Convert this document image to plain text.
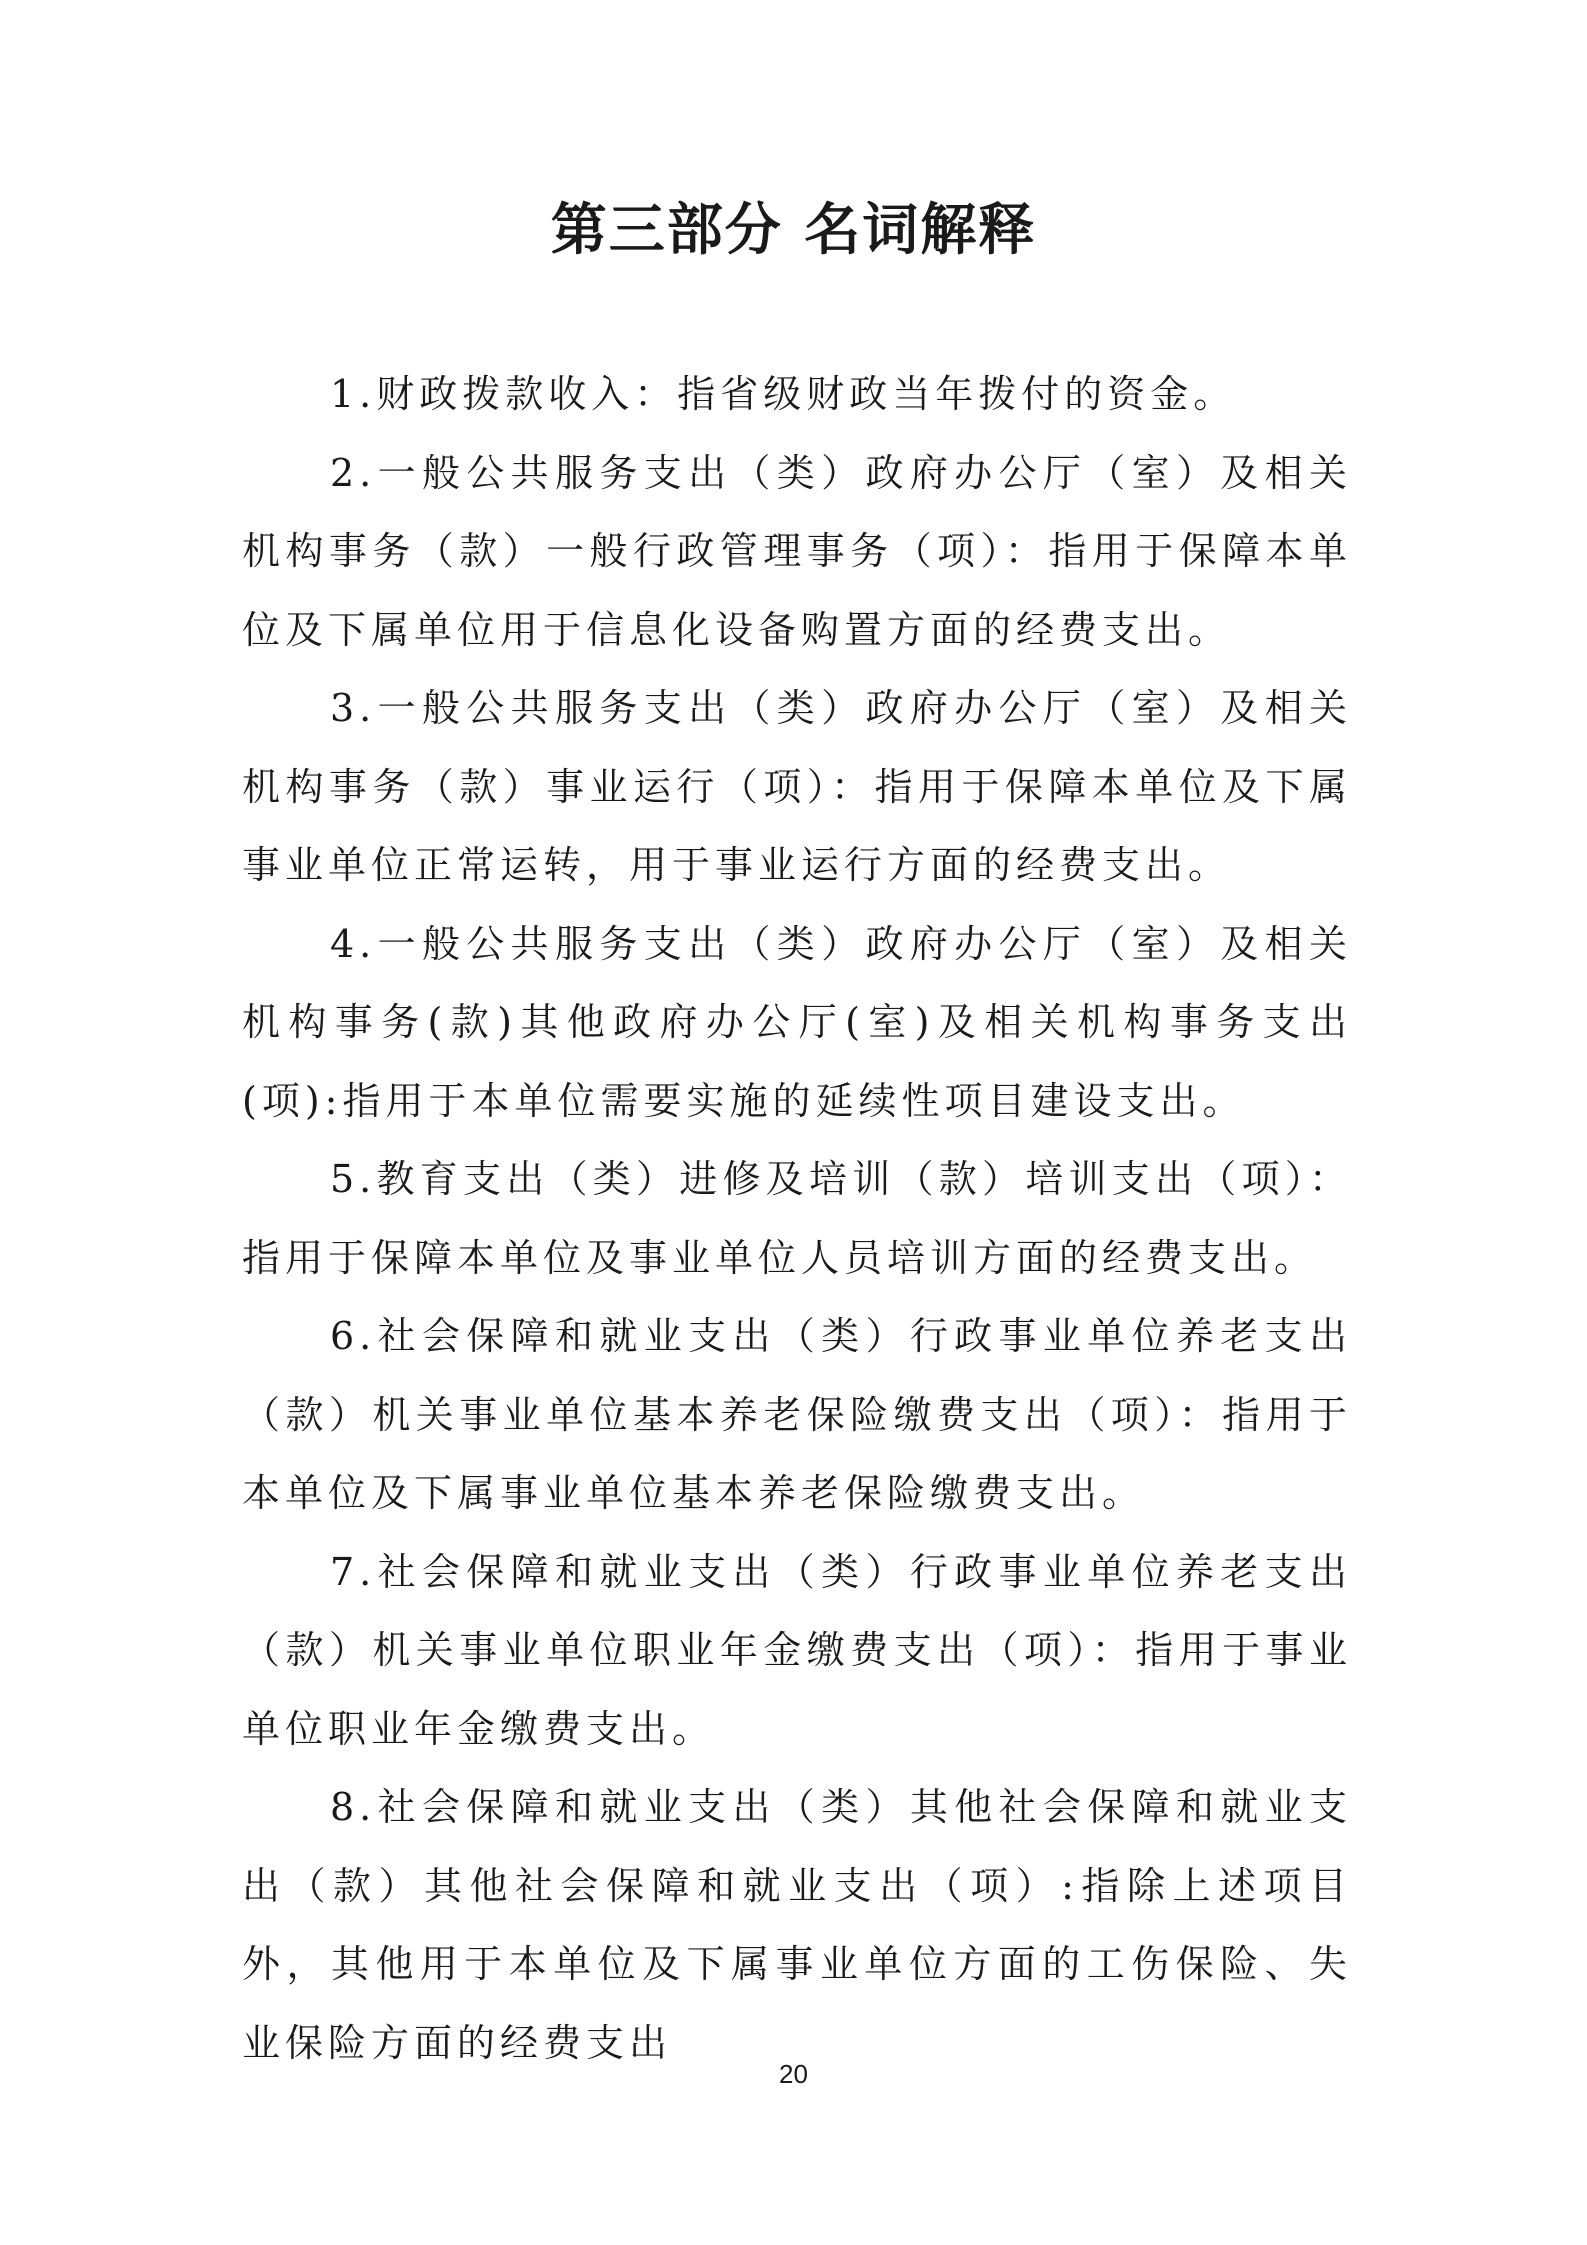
第三部分 名词解释

1.财政拨款收入：指省级财政当年拨付的资金。

2.一般公共服务支出（类）政府办公厅（室）及相关机构事务（款）一般行政管理事务（项）：指用于保障本单位及下属单位用于信息化设备购置方面的经费支出。

3.一般公共服务支出（类）政府办公厅（室）及相关机构事务（款）事业运行（项）：指用于保障本单位及下属事业单位正常运转，用于事业运行方面的经费支出。

4.一般公共服务支出（类）政府办公厅（室）及相关机构事务(款)其他政府办公厅(室)及相关机构事务支出(项):指用于本单位需要实施的延续性项目建设支出。

5.教育支出（类）进修及培训（款）培训支出（项）：指用于保障本单位及事业单位人员培训方面的经费支出。

6.社会保障和就业支出（类）行政事业单位养老支出（款）机关事业单位基本养老保险缴费支出（项）：指用于本单位及下属事业单位基本养老保险缴费支出。

7.社会保障和就业支出（类）行政事业单位养老支出（款）机关事业单位职业年金缴费支出（项）：指用于事业单位职业年金缴费支出。

8.社会保障和就业支出（类）其他社会保障和就业支出（款）其他社会保障和就业支出（项）:指除上述项目外，其他用于本单位及下属事业单位方面的工伤保险、失业保险方面的经费支出

20
